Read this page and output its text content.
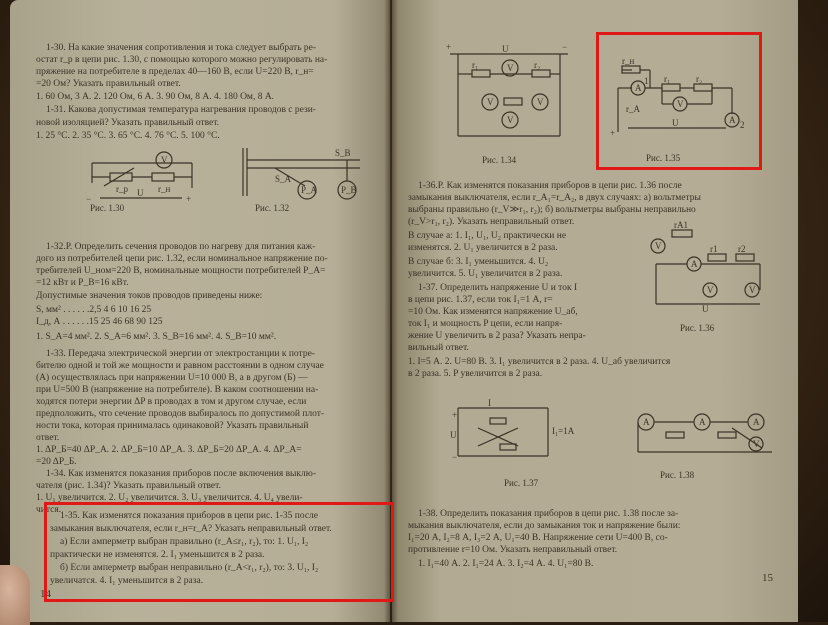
1-30. На какие значения сопротивления и тока следует выбрать ре-
остат r_p в цепи рис. 1.30, с помощью которого можно регулировать на-
пряжение на потребителе в пределах 40—160 В, если U=220 В, r_н=
=20 Ом? Указать правильный ответ.
1. 60 Ом, 3 А. 2. 120 Ом, 6 А. 3. 90 Ом, 8 А. 4. 180 Ом, 8 А.
1-31. Какова допустимая температура нагревания проводов с рези-
новой изоляцией? Указать правильный ответ.
1. 25 °С. 2. 35 °С. 3. 65 °С. 4. 76 °С. 5. 100 °С.
1-32.Р. Определить сечения проводов по нагреву для питания каж-
дого из потребителей цепи рис. 1.32, если номинальное напряжение по-
требителей U_ном=220 В, номинальные мощности потребителей P_A=
=12 кВт и P_B=16 кВт.
Допустимые значения токов проводов приведены ниже:
S, мм² . . . . . .2,5 4 6 10 16 25
I_д, А . . . . . .15 25 46 68 90 125
1. S_A=4 мм². 2. S_A=6 мм². 3. S_B=16 мм². 4. S_B=10 мм².
1-33. Передача электрической энергии от электростанции к потре-
бителю одной и той же мощности и равном расстоянии в одном случае
(А) осуществлялась при напряжении U=10 000 В, а в другом (Б) —
при U=500 В (напряжение на потребителе). В каком соотношении на-
ходятся потери энергии ΔP в проводах в том и другом случае, если
предположить, что сечение проводов выбиралось по допустимой плот-
ности тока, которая принималась одинаковой? Указать правильный
ответ.
1. ΔP_Б=40 ΔP_А. 2. ΔP_Б=10 ΔP_А. 3. ΔP_Б=20 ΔP_А. 4. ΔP_А=
=20 ΔP_Б.
1-34. Как изменятся показания приборов после включения выклю-
чателя (рис. 1.34)? Указать правильный ответ.
1. U₁ увеличится. 2. U₂ увеличится. 3. U₃ увеличится. 4. U₄ увели-
чится.
1-35. Как изменятся показания приборов в цепи рис. 1-35 после
замыкания выключателя, если r_н=r_А? Указать неправильный ответ.
а) Если амперметр выбран правильно (r_А≤r₁, r₂), то: 1. U₁, I₂
практически не изменятся. 2. I₁ уменьшится в 2 раза.
б) Если амперметр выбран неправильно (r_А<r₁, r₂), то: 3. U₁, I₂
увеличатся. 4. I₁ уменьшится в 2 раза.
Рис. 1.30	Рис. 1.32
V
r_p	r_н
U
−	+
S_B
S_A
P_A	P_B
14
1-36.Р. Как изменятся показания приборов в цепи рис. 1.36 после
замыкания выключателя, если r_А₁=r_А₂, в двух случаях: а) вольтметры
выбраны правильно (r_V≫r₁, r₂); б) вольтметры выбраны неправильно
(r_V>r₁, r₂). Указать неправильный ответ.
В случае а: 1. I₁, U₁, U₂ практически не
изменятся. 2. U₁ увеличится в 2 раза.
В случае б: 3. I₁ уменьшится. 4. U₂
увеличится. 5. U₁ увеличится в 2 раза.
1-37. Определить напряжение U и ток I
в цепи рис. 1.37, если ток I₁=1 А, r=
=10 Ом. Как изменятся напряжение U_аб,
ток I₁ и мощность P цепи, если напря-
жение U увеличить в 2 раза? Указать непра-
вильный ответ.
1. I=5 А. 2. U=80 В. 3. I₁ увеличится в 2 раза. 4. U_аб увеличится
в 2 раза. 5. P увеличится в 2 раза.
1-38. Определить показания приборов в цепи рис. 1.38 после за-
мыкания выключателя, если до замыкания ток и напряжение были:
I₁=20 А, I₂=8 А, I₃=2 А, U₁=40 В. Напряжение сети U=400 В, со-
противление r=10 Ом. Указать неправильный ответ.
1. I₁=40 А. 2. I₁=24 А. 3. I₂=4 А. 4. U₁=80 В.
+	−
U
r₁	V r₂
V	V
V
Рис. 1.34
+
A
1
r_н
r₁	r₂
V
A 2
r_A
U
Рис. 1.35
rA1
V
A
r1 r2
V	V
U
Рис. 1.36
+
−
I
U	I₁=1А
Рис. 1.37
A	A	A
V
Рис. 1.38
15
